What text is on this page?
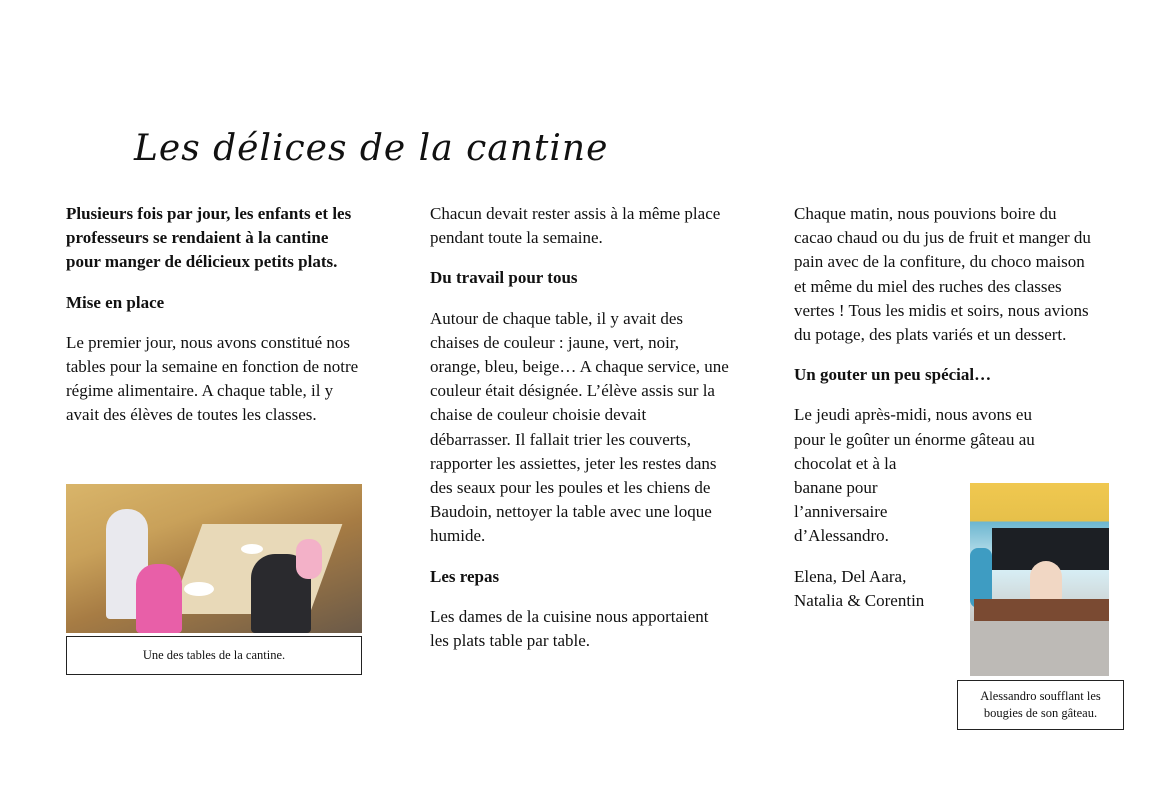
Les délices de la cantine

Plusieurs fois par jour, les enfants et les professeurs se rendaient à la cantine pour manger de délicieux petits plats.

Mise en place

Le premier jour, nous avons constitué nos tables pour la semaine en fonction de notre régime alimentaire. A chaque table, il y avait des élèves de toutes les classes.

Une des tables de la cantine.

Chacun devait rester assis à la même place pendant toute la semaine.

Du travail pour tous

Autour de chaque table, il y avait des chaises de couleur : jaune, vert, noir, orange, bleu, beige… A chaque service, une couleur était désignée. L’élève assis sur la chaise de couleur choisie devait débarrasser. Il fallait trier les couverts, rapporter les assiettes, jeter les restes dans des seaux pour les poules et les chiens de Baudoin, nettoyer la table avec une loque humide.

Les repas

Les dames de la cuisine nous apportaient les plats table par table.

Chaque matin, nous pouvions boire du cacao chaud ou du jus de fruit et manger du pain avec de la confiture, du choco maison et même du miel des ruches des classes vertes ! Tous les midis et soirs, nous avions du potage, des plats variés et un dessert.

Un gouter un peu spécial…

Le jeudi après-midi, nous avons eu
pour le goûter un énorme gâteau au
chocolat et à la
banane pour
l’anniversaire
d’Alessandro.

Elena, Del Aara,
Natalia & Corentin

Alessandro soufflant les
bougies de son gâteau.
